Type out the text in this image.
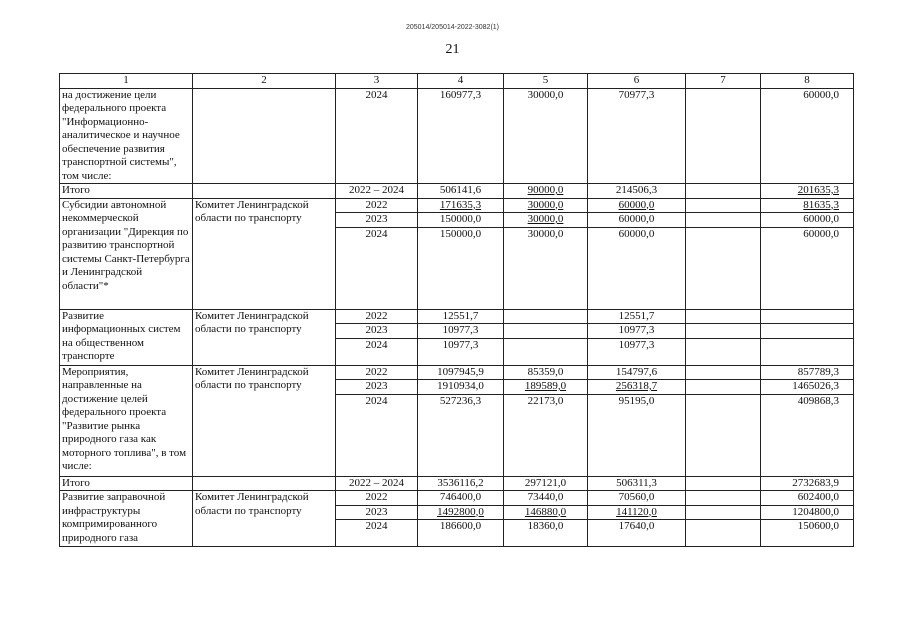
205014/205014-2022-3082(1)
21
1	2	3	4	5	6	7	8
на достижение цели федерального проекта "Информационно-аналитическое и научное обеспечение развития транспортной системы", том числе:		2024	160977,3	30000,0	70977,3		60000,0
Итого		2022 – 2024	506141,6	90000,0	214506,3		201635,3
Субсидии автономной некоммерческой организации "Дирекция по развитию транспортной системы Санкт-Петербурга и Ленинградской области"*	Комитет Ленинградской области по транспорту	2022	171635,3	30000,0	60000,0		81635,3
		2023	150000,0	30000,0	60000,0		60000,0
		2024	150000,0	30000,0	60000,0		60000,0
Развитие информационных систем на общественном транспорте	Комитет Ленинградской области по транспорту	2022	12551,7		12551,7		
		2023	10977,3		10977,3		
		2024	10977,3		10977,3		
Мероприятия, направленные на достижение целей федерального проекта "Развитие рынка природного газа как моторного топлива", в том числе:	Комитет Ленинградской области по транспорту	2022	1097945,9	85359,0	154797,6		857789,3
		2023	1910934,0	189589,0	256318,7		1465026,3
		2024	527236,3	22173,0	95195,0		409868,3
Итого		2022 – 2024	3536116,2	297121,0	506311,3		2732683,9
Развитие заправочной инфраструктуры компримированного природного газа	Комитет Ленинградской области по транспорту	2022	746400,0	73440,0	70560,0		602400,0
		2023	1492800,0	146880,0	141120,0		1204800,0
		2024	186600,0	18360,0	17640,0		150600,0
